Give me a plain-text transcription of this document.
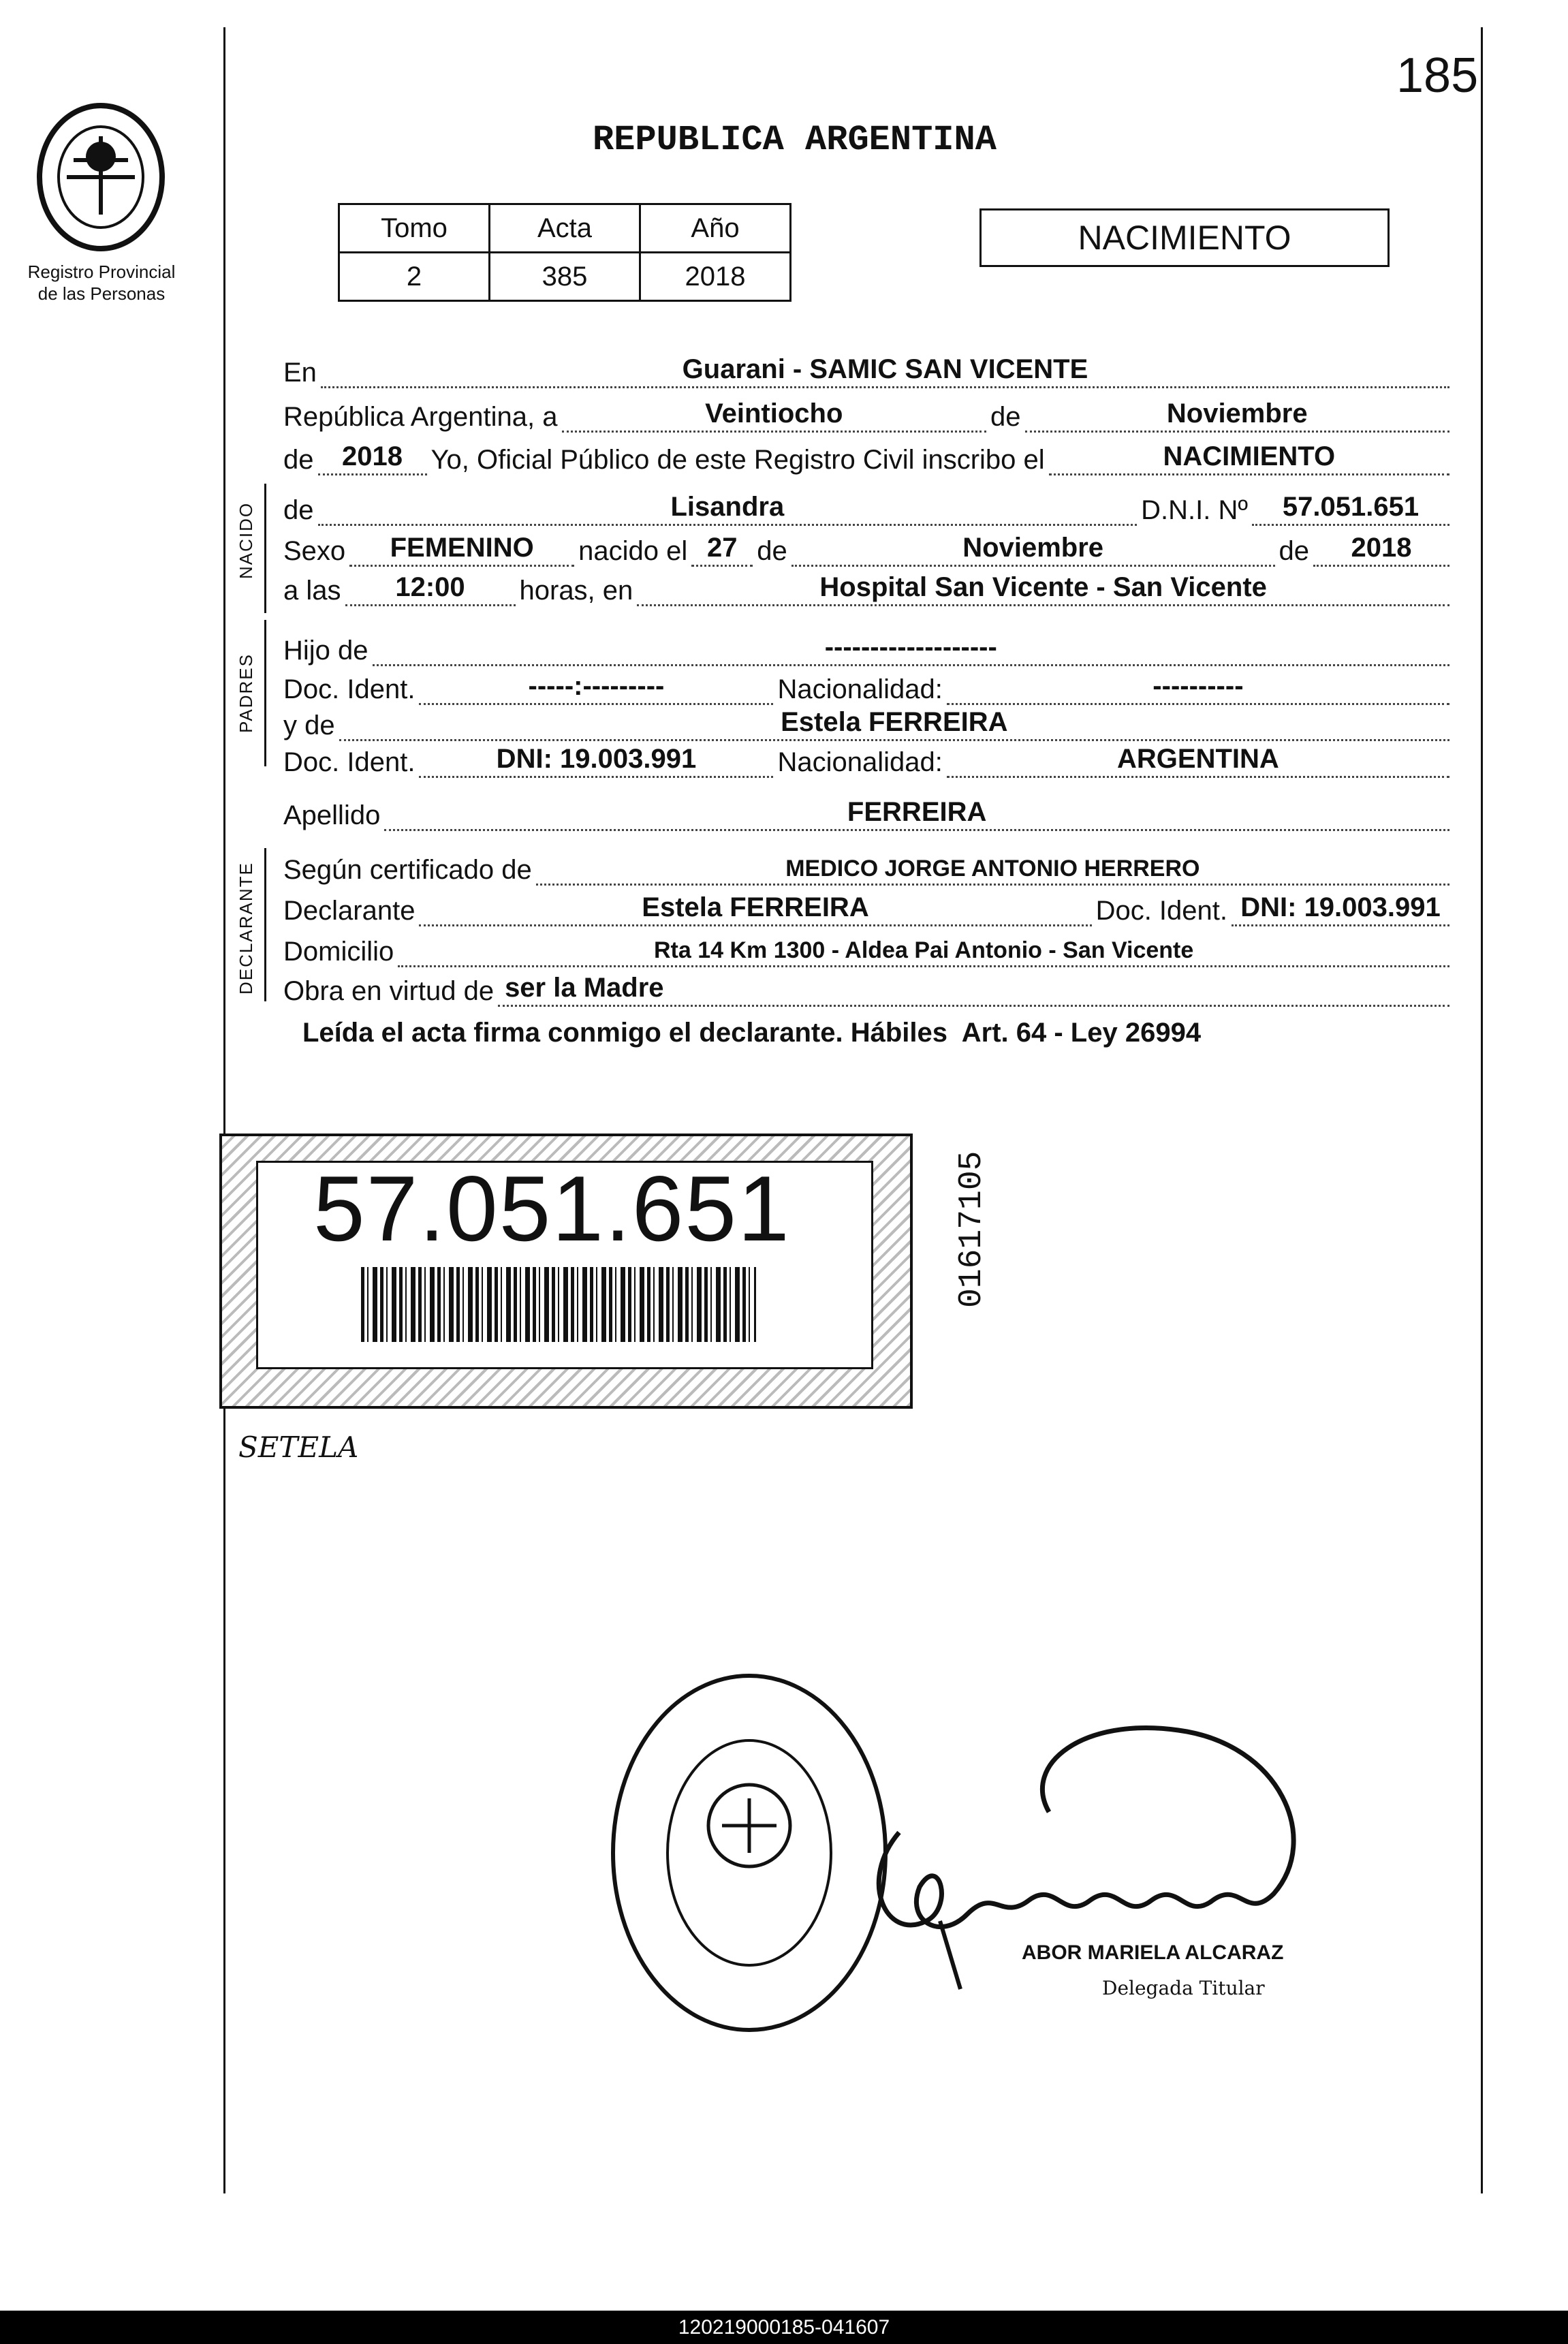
185
Registro Provincial
de las Personas
REPUBLICA ARGENTINA
Tomo	Acta	Año
2	385	2018
NACIMIENTO
En	Guarani - SAMIC SAN VICENTE
República Argentina, a	Veintiocho	de	Noviembre
de 2018 Yo, Oficial Público de este Registro Civil inscribo el	NACIMIENTO
NACIDO de	Lisandra	D.N.I. Nº 57.051.651
Sexo FEMENINO nacido el 27 de	Noviembre	de 2018
a las 12:00 horas, en	Hospital San Vicente - San Vicente
PADRES
Hijo de	-------------------
Doc. Ident.	-----:---------	Nacionalidad:	----------
y de	Estela FERREIRA
Doc. Ident.	DNI: 19.003.991	Nacionalidad:	ARGENTINA
Apellido	FERREIRA
DECLARANTE Según certificado de	MEDICO JORGE ANTONIO HERRERO
Declarante	Estela FERREIRA	Doc. Ident. DNI: 19.003.991
Domicilio	Rta 14 Km 1300 - Aldea Pai Antonio - San Vicente
Obra en virtud de ser la Madre
Leída el acta firma conmigo el declarante. Hábiles  Art. 64 - Ley 26994
57.051.651	01617105
SETELA
ABOR MARIELA ALCARAZ
Delegada Titular
120219000185-041607
